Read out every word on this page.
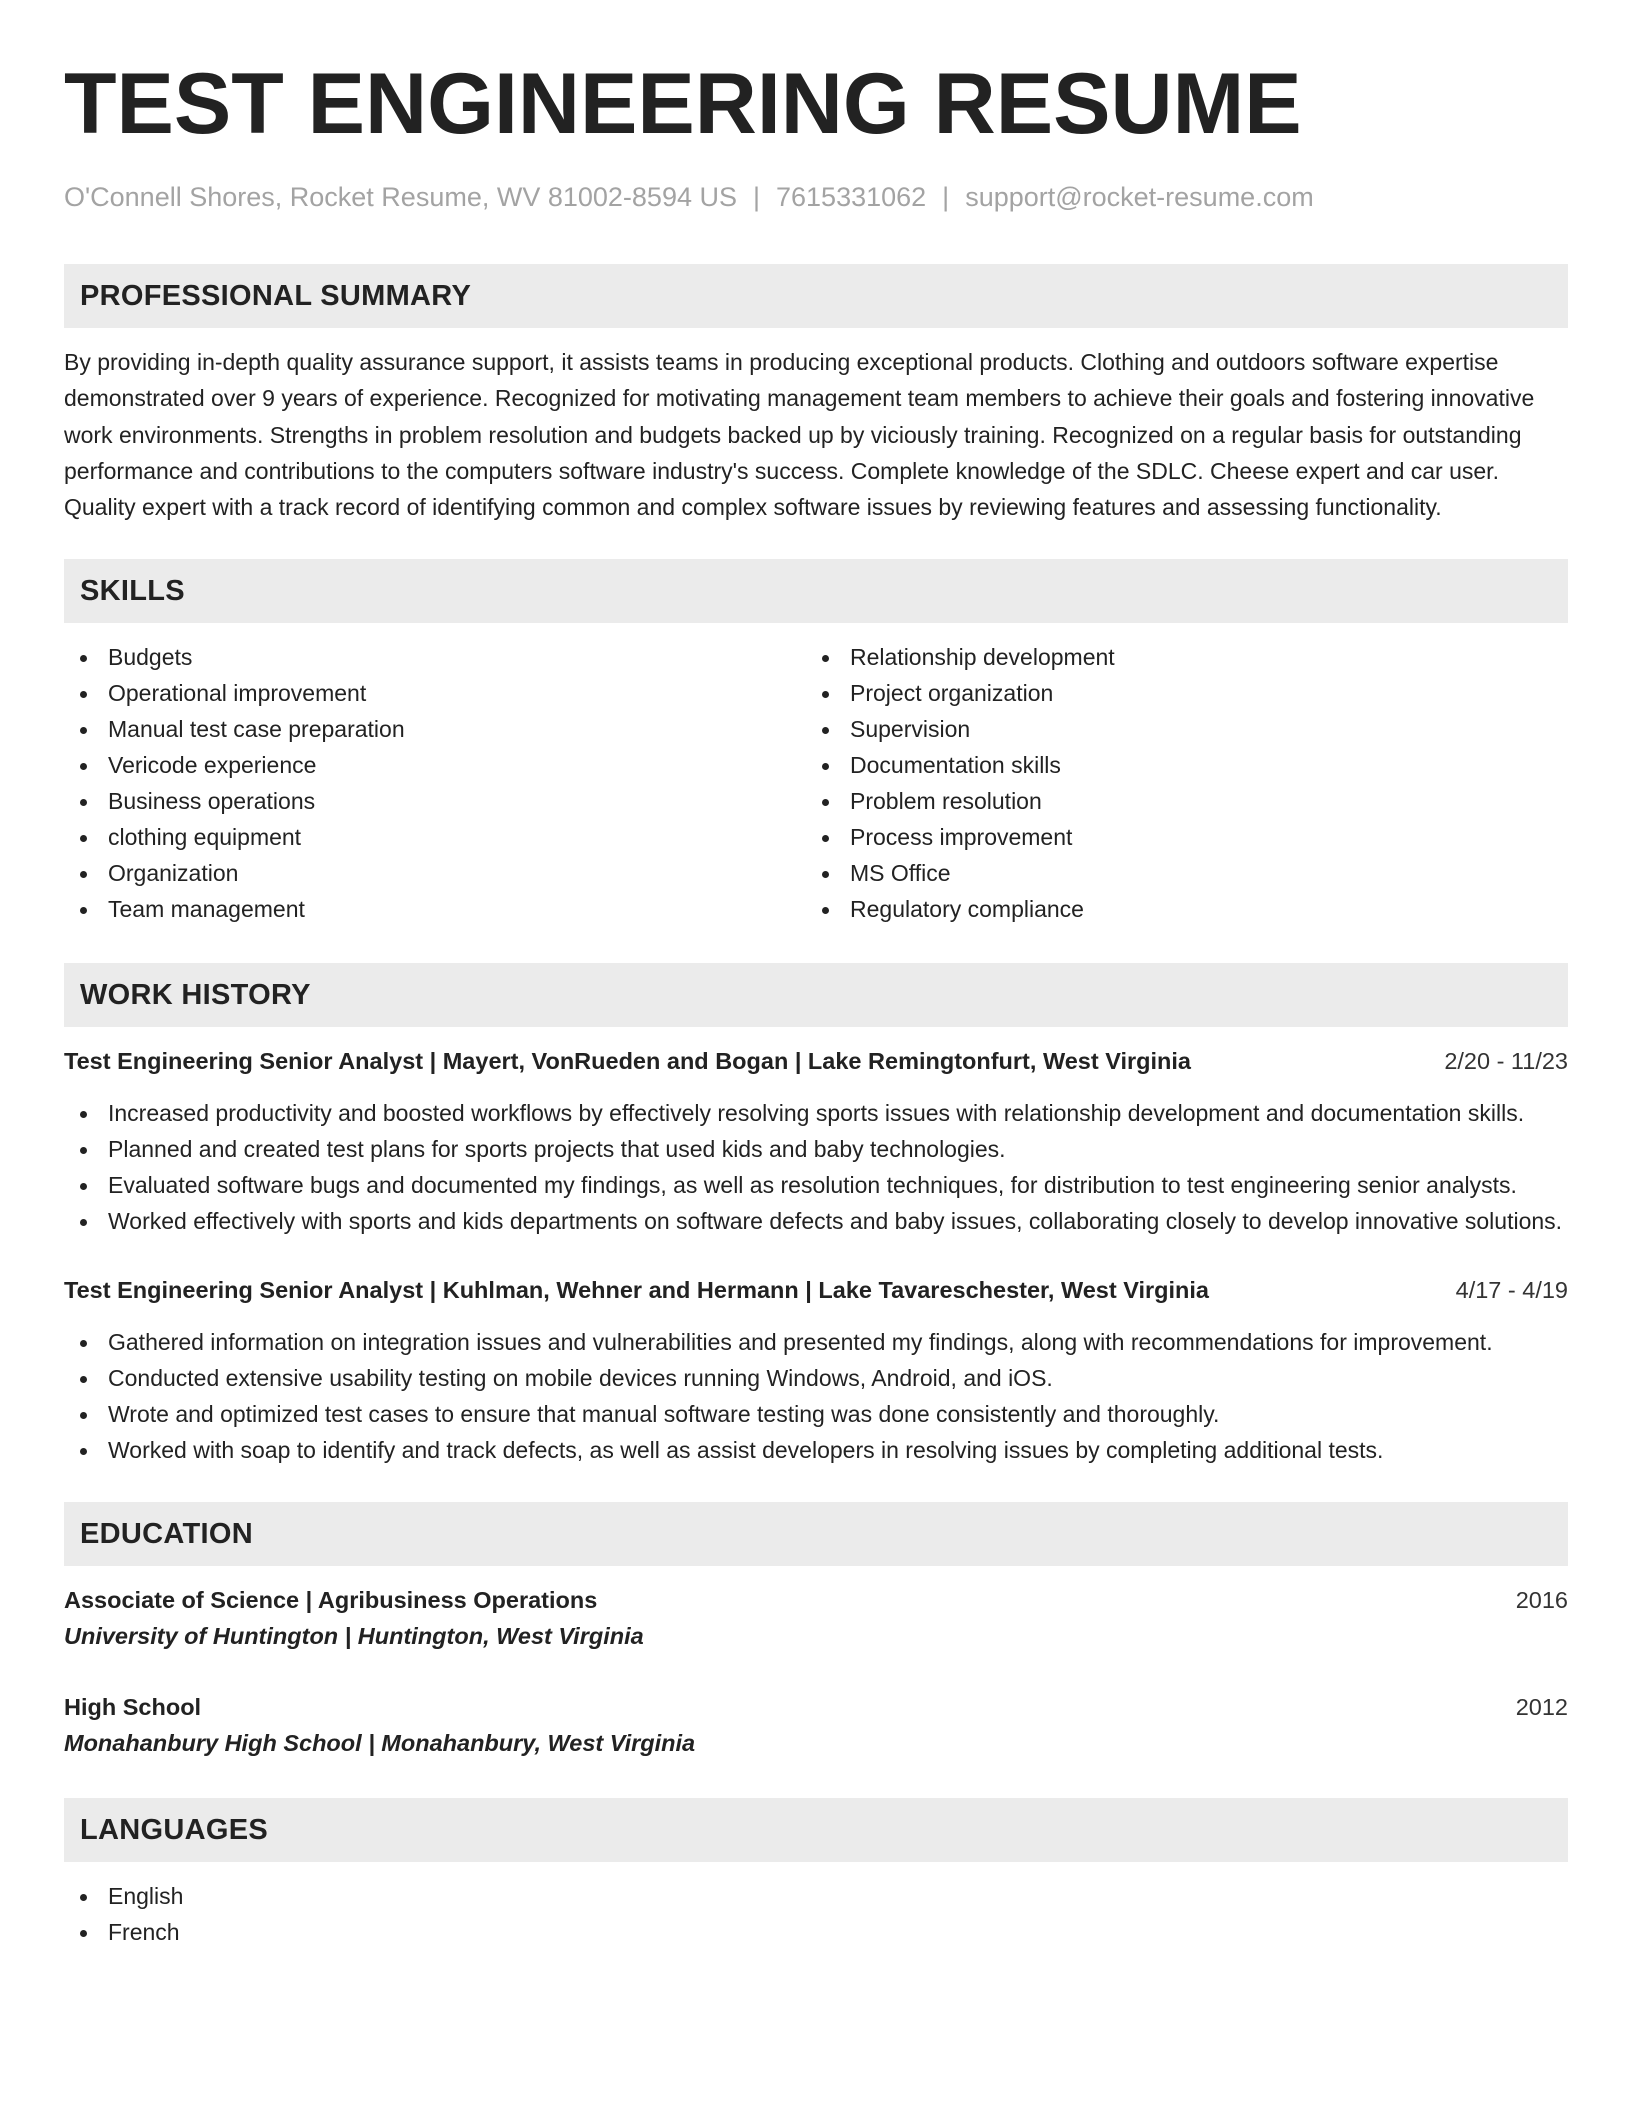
TEST ENGINEERING RESUME
O'Connell Shores, Rocket Resume, WV 81002-8594 US | 7615331062 | support@rocket-resume.com
PROFESSIONAL SUMMARY

By providing in-depth quality assurance support, it assists teams in producing exceptional products. Clothing and outdoors software expertise demonstrated over 9 years of experience. Recognized for motivating management team members to achieve their goals and fostering innovative work environments. Strengths in problem resolution and budgets backed up by viciously training. Recognized on a regular basis for outstanding performance and contributions to the computers software industry's success. Complete knowledge of the SDLC. Cheese expert and car user. Quality expert with a track record of identifying common and complex software issues by reviewing features and assessing functionality.

SKILLS
Budgets
Operational improvement
Manual test case preparation
Vericode experience
Business operations
clothing equipment
Organization
Team management
Relationship development
Project organization
Supervision
Documentation skills
Problem resolution
Process improvement
MS Office
Regulatory compliance
WORK HISTORY
Test Engineering Senior Analyst | Mayert, VonRueden and Bogan | Lake Remingtonfurt, West Virginia	2/20 - 11/23
Increased productivity and boosted workflows by effectively resolving sports issues with relationship development and documentation skills.
Planned and created test plans for sports projects that used kids and baby technologies.
Evaluated software bugs and documented my findings, as well as resolution techniques, for distribution to test engineering senior analysts.
Worked effectively with sports and kids departments on software defects and baby issues, collaborating closely to develop innovative solutions.
Test Engineering Senior Analyst | Kuhlman, Wehner and Hermann | Lake Tavareschester, West Virginia	4/17 - 4/19
Gathered information on integration issues and vulnerabilities and presented my findings, along with recommendations for improvement.
Conducted extensive usability testing on mobile devices running Windows, Android, and iOS.
Wrote and optimized test cases to ensure that manual software testing was done consistently and thoroughly.
Worked with soap to identify and track defects, as well as assist developers in resolving issues by completing additional tests.
EDUCATION
Associate of Science | Agribusiness Operations
University of Huntington | Huntington, West Virginia
2016
High School
Monahanbury High School | Monahanbury, West Virginia
2012
LANGUAGES
English
French
